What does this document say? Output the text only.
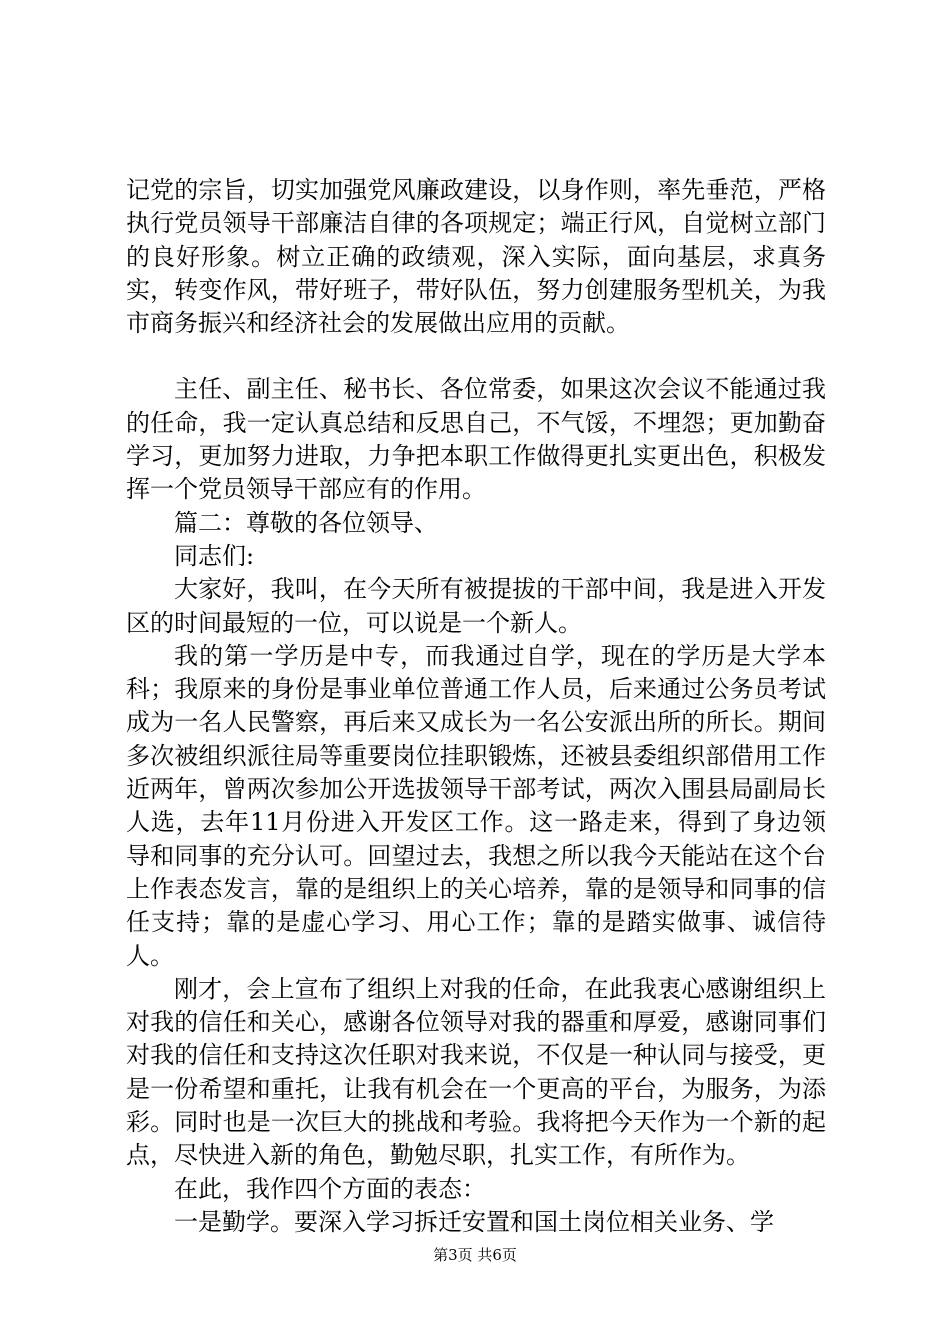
记党的宗旨，切实加强党风廉政建设，以身作则，率先垂范，严格执行党员领导干部廉洁自律的各项规定；端正行风，自觉树立部门的良好形象。树立正确的政绩观，深入实际，面向基层，求真务实，转变作风，带好班子，带好队伍，努力创建服务型机关，为我市商务振兴和经济社会的发展做出应用的贡献。

主任、副主任、秘书长、各位常委，如果这次会议不能通过我的任命，我一定认真总结和反思自己，不气馁，不埋怨；更加勤奋学习，更加努力进取，力争把本职工作做得更扎实更出色，积极发挥一个党员领导干部应有的作用。

篇二：尊敬的各位领导、

同志们:

大家好，我叫，在今天所有被提拔的干部中间，我是进入开发区的时间最短的一位，可以说是一个新人。

我的第一学历是中专，而我通过自学，现在的学历是大学本科；我原来的身份是事业单位普通工作人员，后来通过公务员考试成为一名人民警察，再后来又成长为一名公安派出所的所长。期间多次被组织派往局等重要岗位挂职锻炼，还被县委组织部借用工作近两年，曾两次参加公开选拔领导干部考试，两次入围县局副局长人选，去年11月份进入开发区工作。这一路走来，得到了身边领导和同事的充分认可。回望过去，我想之所以我今天能站在这个台上作表态发言，靠的是组织上的关心培养，靠的是领导和同事的信任支持；靠的是虚心学习、用心工作；靠的是踏实做事、诚信待人。

刚才，会上宣布了组织上对我的任命，在此我衷心感谢组织上对我的信任和关心，感谢各位领导对我的器重和厚爱，感谢同事们对我的信任和支持这次任职对我来说，不仅是一种认同与接受，更是一份希望和重托，让我有机会在一个更高的平台，为服务，为添彩。同时也是一次巨大的挑战和考验。我将把今天作为一个新的起点，尽快进入新的角色，勤勉尽职，扎实工作，有所作为。

在此，我作四个方面的表态：

一是勤学。要深入学习拆迁安置和国土岗位相关业务、学

第3页 共6页
